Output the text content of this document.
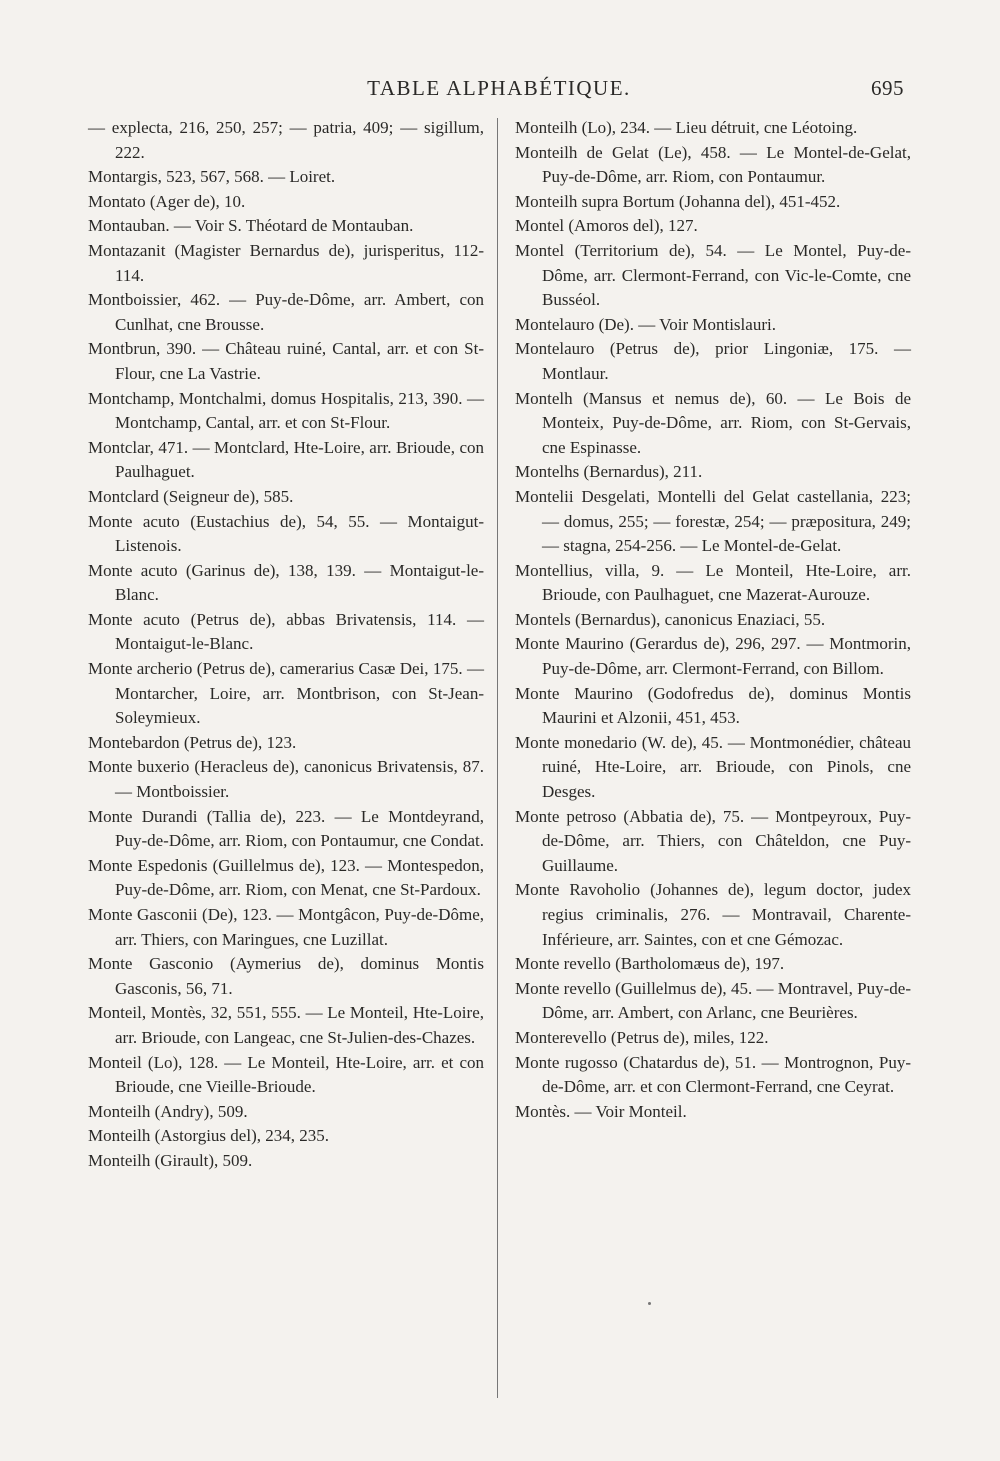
TABLE ALPHABÉTIQUE.	695
— explecta, 216, 250, 257; — patria, 409; — sigillum, 222.
Montargis, 523, 567, 568. — Loiret.
Montato (Ager de), 10.
Montauban. — Voir S. Théotard de Montauban.
Montazanit (Magister Bernardus de), jurisperitus, 112-114.
Montboissier, 462. — Puy-de-Dôme, arr. Ambert, con Cunlhat, cne Brousse.
Montbrun, 390. — Château ruiné, Cantal, arr. et con St-Flour, cne La Vastrie.
Montchamp, Montchalmi, domus Hospitalis, 213, 390. — Montchamp, Cantal, arr. et con St-Flour.
Montclar, 471. — Montclard, Hte-Loire, arr. Brioude, con Paulhaguet.
Montclard (Seigneur de), 585.
Monte acuto (Eustachius de), 54, 55. — Montaigut-Listenois.
Monte acuto (Garinus de), 138, 139. — Montaigut-le-Blanc.
Monte acuto (Petrus de), abbas Brivatensis, 114. — Montaigut-le-Blanc.
Monte archerio (Petrus de), camerarius Casæ Dei, 175. — Montarcher, Loire, arr. Montbrison, con St-Jean-Soleymieux.
Montebardon (Petrus de), 123.
Monte buxerio (Heracleus de), canonicus Brivatensis, 87. — Montboissier.
Monte Durandi (Tallia de), 223. — Le Montdeyrand, Puy-de-Dôme, arr. Riom, con Pontaumur, cne Condat.
Monte Espedonis (Guillelmus de), 123. — Montespedon, Puy-de-Dôme, arr. Riom, con Menat, cne St-Pardoux.
Monte Gasconii (De), 123. — Montgâcon, Puy-de-Dôme, arr. Thiers, con Maringues, cne Luzillat.
Monte Gasconio (Aymerius de), dominus Montis Gasconis, 56, 71.
Monteil, Montès, 32, 551, 555. — Le Monteil, Hte-Loire, arr. Brioude, con Langeac, cne St-Julien-des-Chazes.
Monteil (Lo), 128. — Le Monteil, Hte-Loire, arr. et con Brioude, cne Vieille-Brioude.
Monteilh (Andry), 509.
Monteilh (Astorgius del), 234, 235.
Monteilh (Girault), 509.
Monteilh (Lo), 234. — Lieu détruit, cne Léotoing.
Monteilh de Gelat (Le), 458. — Le Montel-de-Gelat, Puy-de-Dôme, arr. Riom, con Pontaumur.
Monteilh supra Bortum (Johanna del), 451-452.
Montel (Amoros del), 127.
Montel (Territorium de), 54. — Le Montel, Puy-de-Dôme, arr. Clermont-Ferrand, con Vic-le-Comte, cne Busséol.
Montelauro (De). — Voir Montislauri.
Montelauro (Petrus de), prior Lingoniæ, 175. — Montlaur.
Montelh (Mansus et nemus de), 60. — Le Bois de Monteix, Puy-de-Dôme, arr. Riom, con St-Gervais, cne Espinasse.
Montelhs (Bernardus), 211.
Montelii Desgelati, Montelli del Gelat castellania, 223; — domus, 255; — forestæ, 254; — præpositura, 249; — stagna, 254-256. — Le Montel-de-Gelat.
Montellius, villa, 9. — Le Monteil, Hte-Loire, arr. Brioude, con Paulhaguet, cne Mazerat-Aurouze.
Montels (Bernardus), canonicus Enaziaci, 55.
Monte Maurino (Gerardus de), 296, 297. — Montmorin, Puy-de-Dôme, arr. Clermont-Ferrand, con Billom.
Monte Maurino (Godofredus de), dominus Montis Maurini et Alzonii, 451, 453.
Monte monedario (W. de), 45. — Montmonédier, château ruiné, Hte-Loire, arr. Brioude, con Pinols, cne Desges.
Monte petroso (Abbatia de), 75. — Montpeyroux, Puy-de-Dôme, arr. Thiers, con Châteldon, cne Puy-Guillaume.
Monte Ravoholio (Johannes de), legum doctor, judex regius criminalis, 276. — Montravail, Charente-Inférieure, arr. Saintes, con et cne Gémozac.
Monte revello (Bartholomæus de), 197.
Monte revello (Guillelmus de), 45. — Montravel, Puy-de-Dôme, arr. Ambert, con Arlanc, cne Beurières.
Monterevello (Petrus de), miles, 122.
Monte rugosso (Chatardus de), 51. — Montrognon, Puy-de-Dôme, arr. et con Clermont-Ferrand, cne Ceyrat.
Montès. — Voir Monteil.
